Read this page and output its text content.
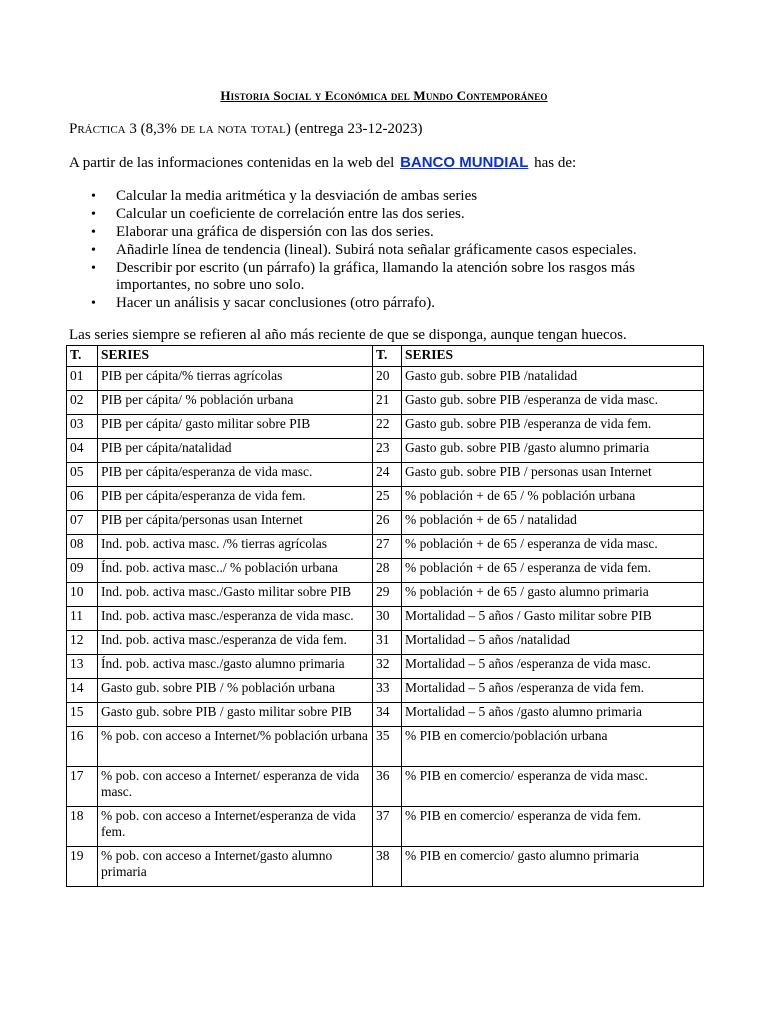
Historia Social y Económica del Mundo Contemporáneo
Práctica 3 (8,3% de la nota total) (entrega 23-12-2023)
A partir de las informaciones contenidas en la web del BANCO MUNDIAL has de:
• Calcular la media aritmética y la desviación de ambas series
• Calcular un coeficiente de correlación entre las dos series.
• Elaborar una gráfica de dispersión con las dos series.
• Añadirle línea de tendencia (lineal). Subirá nota señalar gráficamente casos especiales.
• Describir por escrito (un párrafo) la gráfica, llamando la atención sobre los rasgos más importantes, no sobre uno solo.
• Hacer un análisis y sacar conclusiones (otro párrafo).
Las series siempre se refieren al año más reciente de que se disponga, aunque tengan huecos.
T.	SERIES	T.	SERIES
01	PIB per cápita/% tierras agrícolas	20	Gasto gub. sobre PIB /natalidad
02	PIB per cápita/ % población urbana	21	Gasto gub. sobre PIB /esperanza de vida masc.
03	PIB per cápita/ gasto militar sobre PIB	22	Gasto gub. sobre PIB /esperanza de vida fem.
04	PIB per cápita/natalidad	23	Gasto gub. sobre PIB /gasto alumno primaria
05	PIB per cápita/esperanza de vida masc.	24	Gasto gub. sobre PIB / personas usan Internet
06	PIB per cápita/esperanza de vida fem.	25	% población + de 65 / % población urbana
07	PIB per cápita/personas usan Internet	26	% población + de 65 / natalidad
08	Ind. pob. activa masc. /% tierras agrícolas	27	% población + de 65 / esperanza de vida masc.
09	Índ. pob. activa masc../ % población urbana	28	% población + de 65 / esperanza de vida fem.
10	Ind. pob. activa masc./Gasto militar sobre PIB	29	% población + de 65 / gasto alumno primaria
11	Ind. pob. activa masc./esperanza de vida masc.	30	Mortalidad – 5 años / Gasto militar sobre PIB
12	Ind. pob. activa masc./esperanza de vida fem.	31	Mortalidad – 5 años /natalidad
13	Índ. pob. activa masc./gasto alumno primaria	32	Mortalidad – 5 años /esperanza de vida masc.
14	Gasto gub. sobre PIB / % población urbana	33	Mortalidad – 5 años /esperanza de vida fem.
15	Gasto gub. sobre PIB / gasto militar sobre PIB	34	Mortalidad – 5 años /gasto alumno primaria
16	% pob. con acceso a Internet/% población urbana	35	% PIB en comercio/población urbana
17	% pob. con acceso a Internet/ esperanza de vida masc.	36	% PIB en comercio/ esperanza de vida masc.
18	% pob. con acceso a Internet/esperanza de vida fem.	37	% PIB en comercio/ esperanza de vida fem.
19	% pob. con acceso a Internet/gasto alumno primaria	38	% PIB en comercio/ gasto alumno primaria
